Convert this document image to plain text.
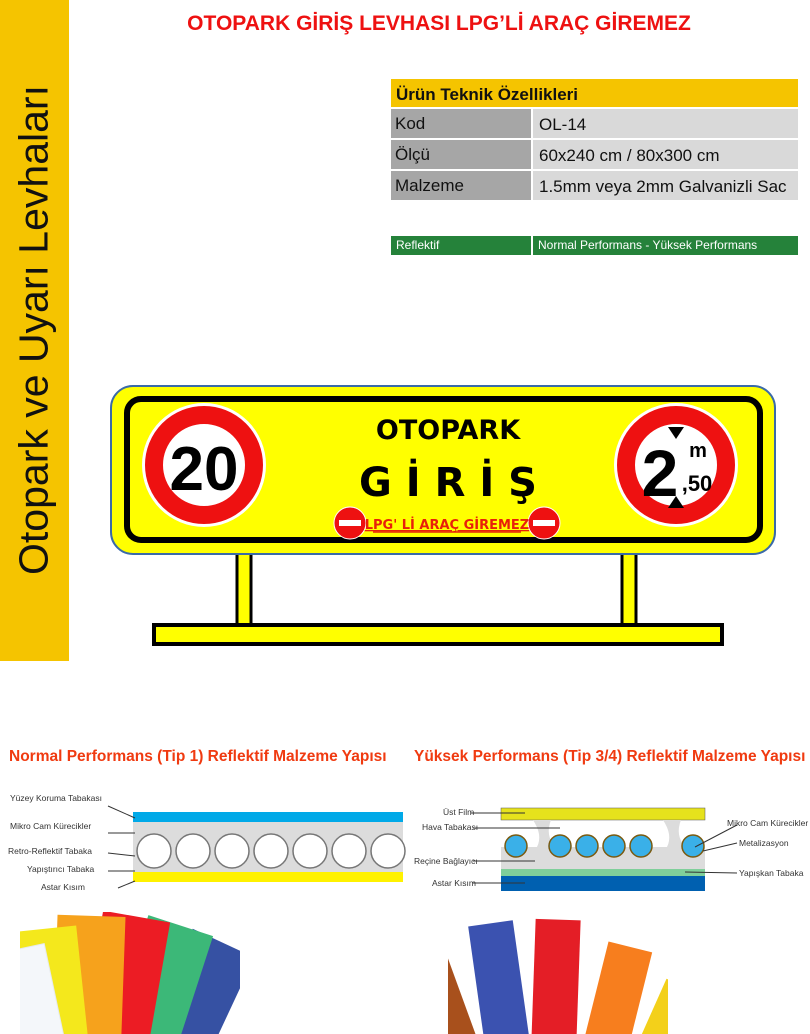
Otopark ve Uyarı Levhaları
OTOPARK GİRİŞ LEVHASI LPG’Lİ ARAÇ GİREMEZ
Ürün Teknik Özellikleri
Kod	OL-14
Ölçü	60x240 cm / 80x300 cm
Malzeme	1.5mm veya 2mm Galvanizli Sac
Reflektif	Normal Performans - Yüksek Performans
20	2 m
,50
OTOPARK
G İ R İ Ş
LPG' Lİ ARAÇ GİREMEZ
Normal Performans (Tip 1) Reflektif Malzeme Yapısı Yüksek Performans (Tip 3/4) Reflektif Malzeme Yapısı
Yüzey Koruma Tabakası
Mikro Cam Kürecikler
Retro-Reflektif Tabaka
Yapıştırıcı Tabaka
Astar Kısım
Üst Film
Hava Tabakası
Reçine Bağlayıcı
Astar Kısım
Mikro Cam Kürecikler
Metalizasyon
Yapışkan Tabaka
